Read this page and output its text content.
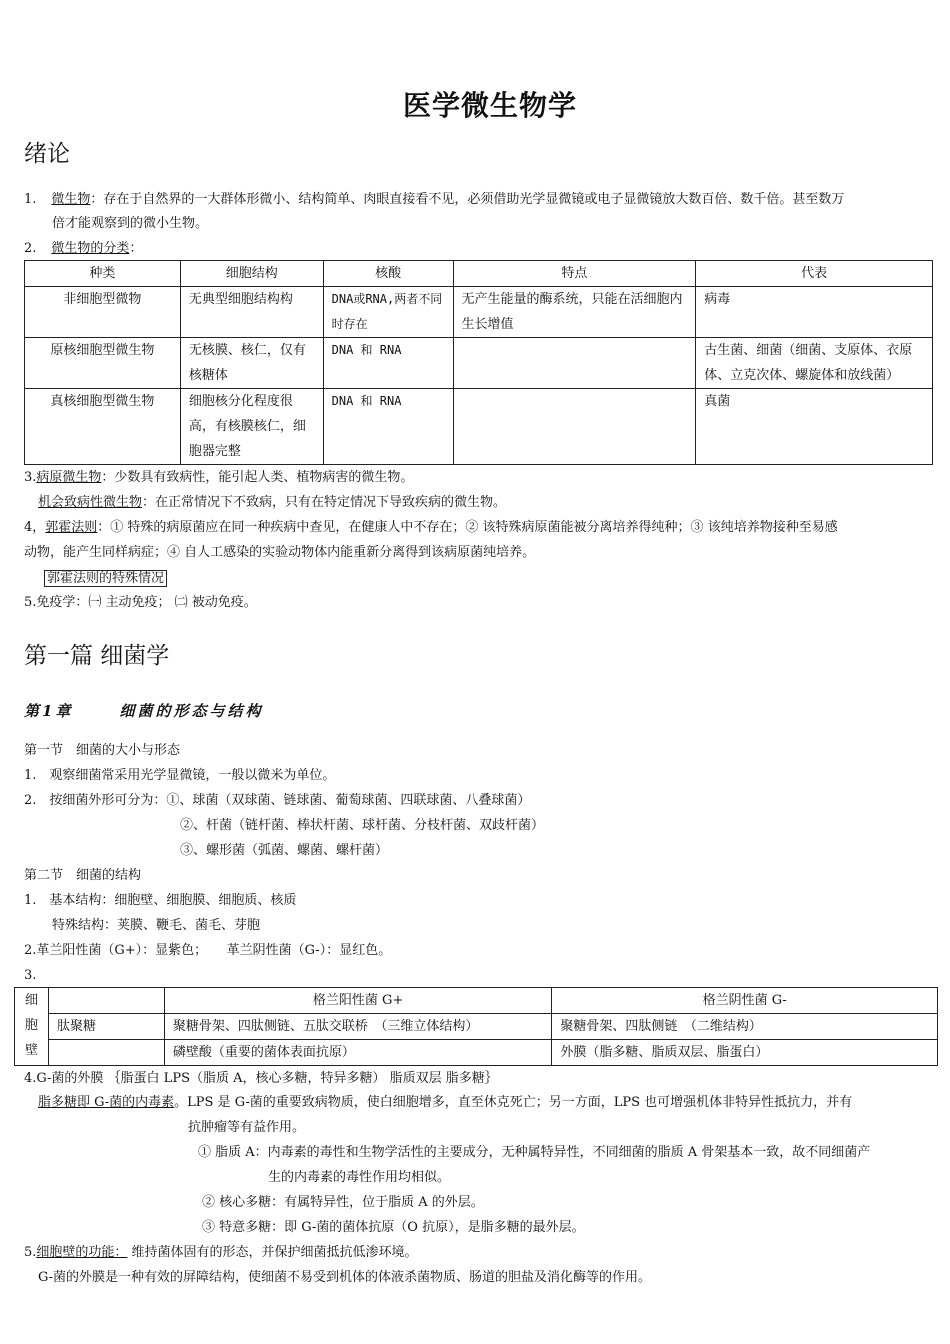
医学微生物学
绪论
1. 微生物：存在于自然界的一大群体形微小、结构简单、肉眼直接看不见，必须借助光学显微镜或电子显微镜放大数百倍、数千倍。甚至数万
倍才能观察到的微小生物。
2. 微生物的分类：
种类	细胞结构	核酸	特点	代表
非细胞型微物	无典型细胞结构构	DNA或RNA,两者不同时存在	无产生能量的酶系统，只能在活细胞内生长增值	病毒
原核细胞型微生物	无核膜、核仁，仅有核糖体	DNA 和 RNA		古生菌、细菌（细菌、支原体、衣原体、立克次体、螺旋体和放线菌）
真核细胞型微生物	细胞核分化程度很高，有核膜核仁，细胞器完整	DNA 和 RNA		真菌
3.病原微生物：少数具有致病性，能引起人类、植物病害的微生物。
机会致病性微生物：在正常情况下不致病，只有在特定情况下导致疾病的微生物。
4，郭霍法则：① 特殊的病原菌应在同一种疾病中查见，在健康人中不存在；② 该特殊病原菌能被分离培养得纯种；③ 该纯培养物接种至易感
动物，能产生同样病症；④ 自人工感染的实验动物体内能重新分离得到该病原菌纯培养。
郭霍法则的特殊情况
5.免疫学：㈠ 主动免疫； ㈡ 被动免疫。
第一篇 细菌学
第1章	细菌的形态与结构
第一节　细菌的大小与形态
1.　观察细菌常采用光学显微镜，一般以微米为单位。
2.　按细菌外形可分为：①、球菌（双球菌、链球菌、葡萄球菌、四联球菌、八叠球菌）
②、杆菌（链杆菌、棒状杆菌、球杆菌、分枝杆菌、双歧杆菌）
③、螺形菌（弧菌、螺菌、螺杆菌）
第二节　细菌的结构
1.　基本结构：细胞壁、细胞膜、细胞质、核质
特殊结构：荚膜、鞭毛、菌毛、芽胞
2.革兰阳性菌（G+）：显紫色；　　革兰阴性菌（G-）：显红色。
3.
细
胞
壁		格兰阳性菌 G+	格兰阴性菌 G-
	肽聚糖	聚糖骨架、四肽侧链、五肽交联桥　（三维立体结构）	聚糖骨架、四肽侧链　（二维结构）
		磷壁酸（重要的菌体表面抗原）	外膜（脂多糖、脂质双层、脂蛋白）
4.G-菌的外膜 ｛脂蛋白 LPS（脂质 A，核心多糖，特异多糖） 脂质双层 脂多糖｝
脂多糖即 G-菌的内毒素。LPS 是 G-菌的重要致病物质，使白细胞增多，直至休克死亡；另一方面，LPS 也可增强机体非特异性抵抗力，并有
抗肿瘤等有益作用。
① 脂质 A：内毒素的毒性和生物学活性的主要成分，无种属特异性，不同细菌的脂质 A 骨架基本一致，故不同细菌产
生的内毒素的毒性作用均相似。
② 核心多糖：有属特异性，位于脂质 A 的外层。
③ 特意多糖：即 G-菌的菌体抗原（O 抗原），是脂多糖的最外层。
5.细胞壁的功能： 维持菌体固有的形态，并保护细菌抵抗低渗环境。
G-菌的外膜是一种有效的屏障结构，使细菌不易受到机体的体液杀菌物质、肠道的胆盐及消化酶等的作用。
